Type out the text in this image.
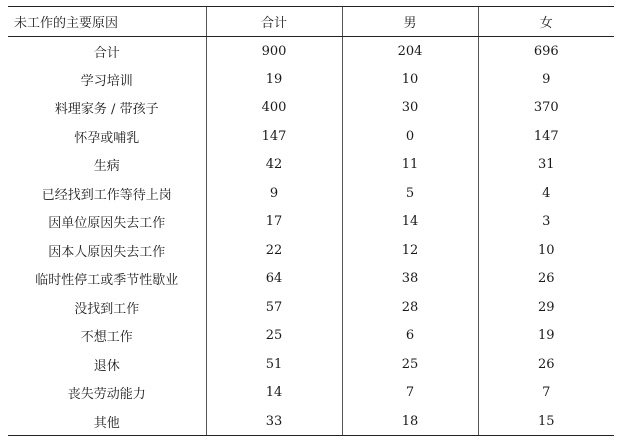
未工作的主要原因	合计	男	女
合计	900	204	696
学习培训	19	10	9
料理家务 / 带孩子	400	30	370
怀孕或哺乳	147	0	147
生病	42	11	31
已经找到工作等待上岗	9	5	4
因单位原因失去工作	17	14	3
因本人原因失去工作	22	12	10
临时性停工或季节性歇业	64	38	26
没找到工作	57	28	29
不想工作	25	6	19
退休	51	25	26
丧失劳动能力	14	7	7
其他	33	18	15
